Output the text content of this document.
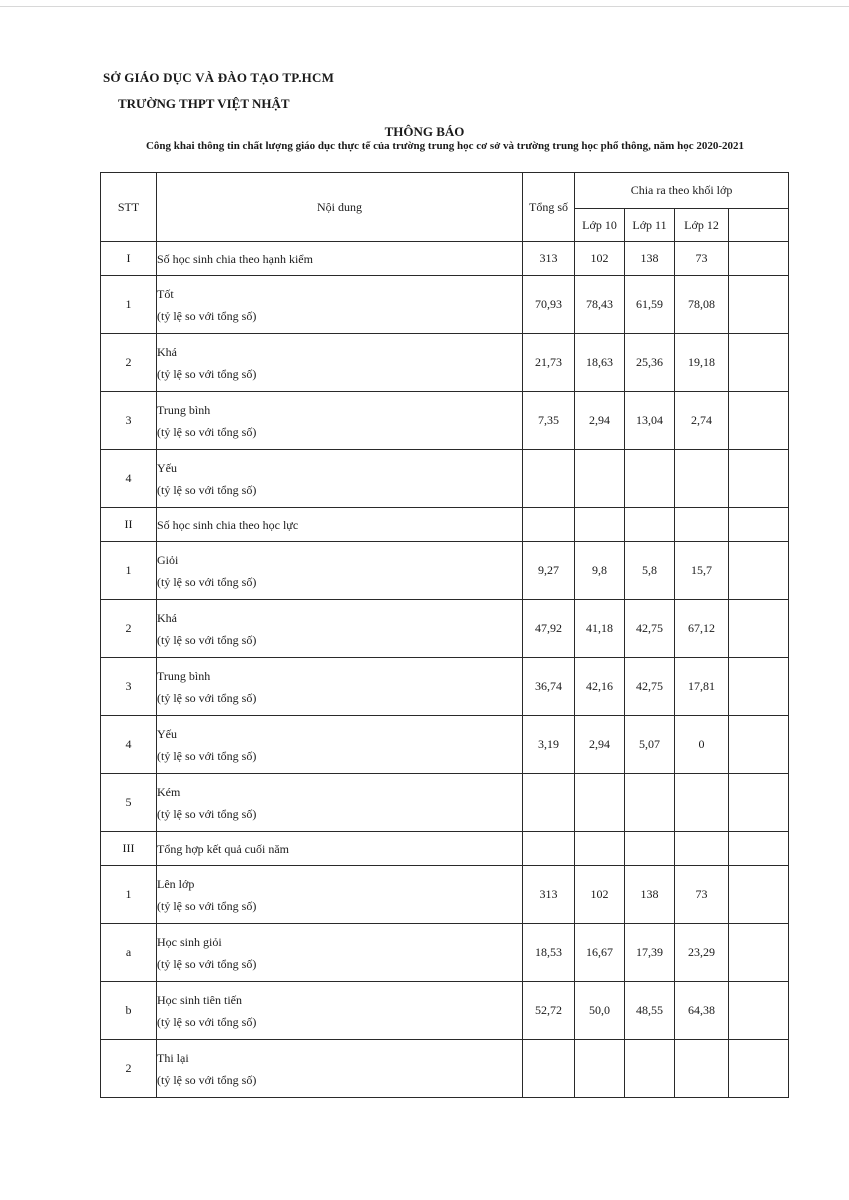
SỞ GIÁO DỤC VÀ ĐÀO TẠO TP.HCM
TRƯỜNG THPT VIỆT NHẬT
THÔNG BÁO
Công khai thông tin chất lượng giáo dục thực tế của trường trung học cơ sở và trường trung học phổ thông, năm học 2020-2021
STT	Nội dung	Tổng số	Chia ra theo khối lớp			
			Lớp 10	Lớp 11	Lớp 12	
I	Số học sinh chia theo hạnh kiểm	313	102	138	73	
1	Tốt
(tỷ lệ so với tổng số)	70,93	78,43	61,59	78,08	
2	Khá
(tỷ lệ so với tổng số)	21,73	18,63	25,36	19,18	
3	Trung bình
(tỷ lệ so với tổng số)	7,35	2,94	13,04	2,74	
4	Yếu
(tỷ lệ so với tổng số)					

II	Số học sinh chia theo học lực					

1	Giỏi
(tỷ lệ so với tổng số)	9,27	9,8	5,8	15,7	
2	Khá
(tỷ lệ so với tổng số)	47,92	41,18	42,75	67,12	
3	Trung bình
(tỷ lệ so với tổng số)	36,74	42,16	42,75	17,81	
4	Yếu
(tỷ lệ so với tổng số)	3,19	2,94	5,07	0	
5	Kém
(tỷ lệ so với tổng số)					

III	Tổng hợp kết quả cuối năm					

1	Lên lớp
(tỷ lệ so với tổng số)	313	102	138	73	
a	Học sinh giỏi
(tỷ lệ so với tổng số)	18,53	16,67	17,39	23,29	
b	Học sinh tiên tiến
(tỷ lệ so với tổng số)	52,72	50,0	48,55	64,38	
2	Thi lại
(tỷ lệ so với tổng số)					
